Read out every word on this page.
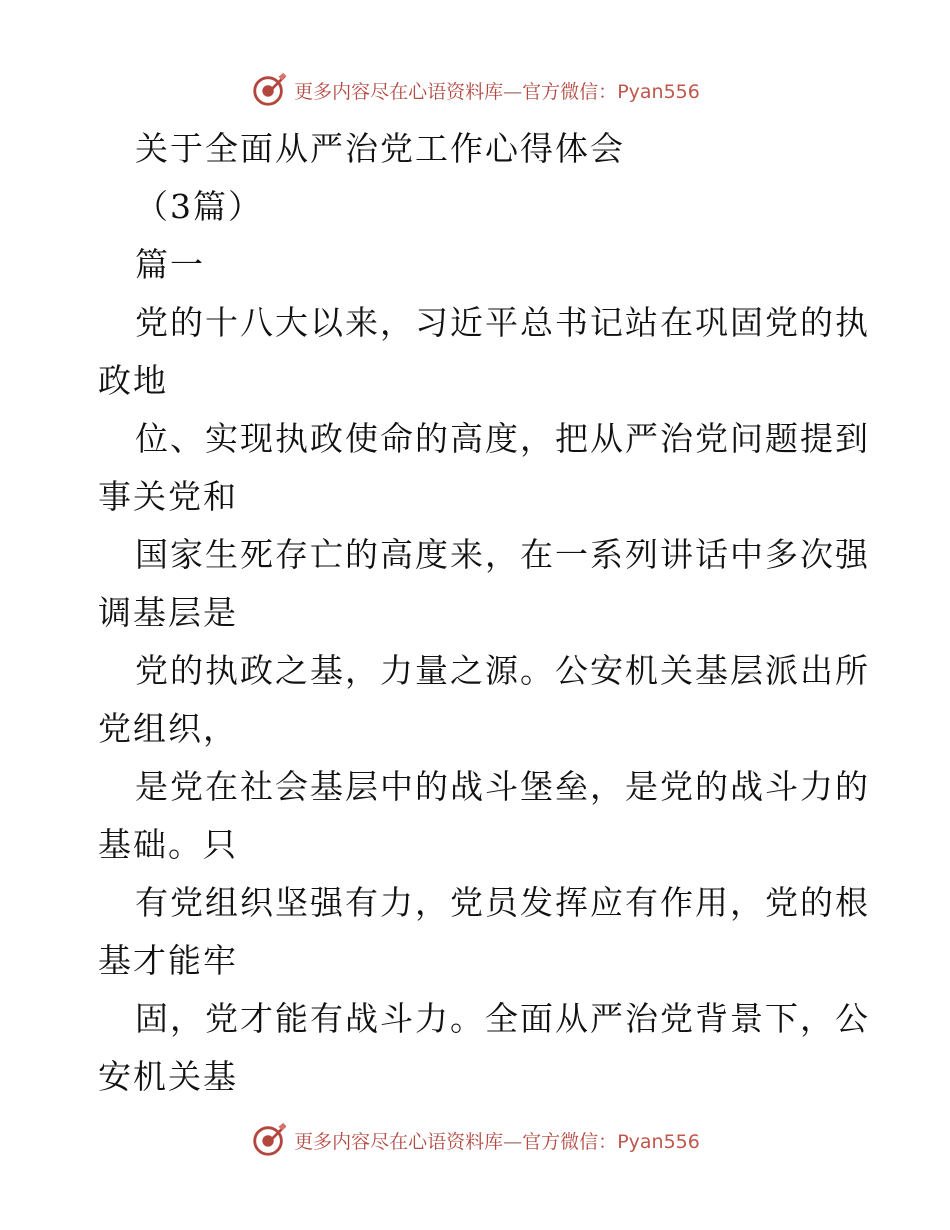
更多内容尽在心语资料库—官方微信：Pyan556
关于全面从严治党工作心得体会
（3篇）
篇一
党的十八大以来，习近平总书记站在巩固党的执
政地
位、实现执政使命的高度，把从严治党问题提到
事关党和
国家生死存亡的高度来，在一系列讲话中多次强
调基层是
党的执政之基，力量之源。公安机关基层派出所
党组织，
是党在社会基层中的战斗堡垒，是党的战斗力的
基础。只
有党组织坚强有力，党员发挥应有作用，党的根
基才能牢
固，党才能有战斗力。全面从严治党背景下，公
安机关基
更多内容尽在心语资料库—官方微信：Pyan556
